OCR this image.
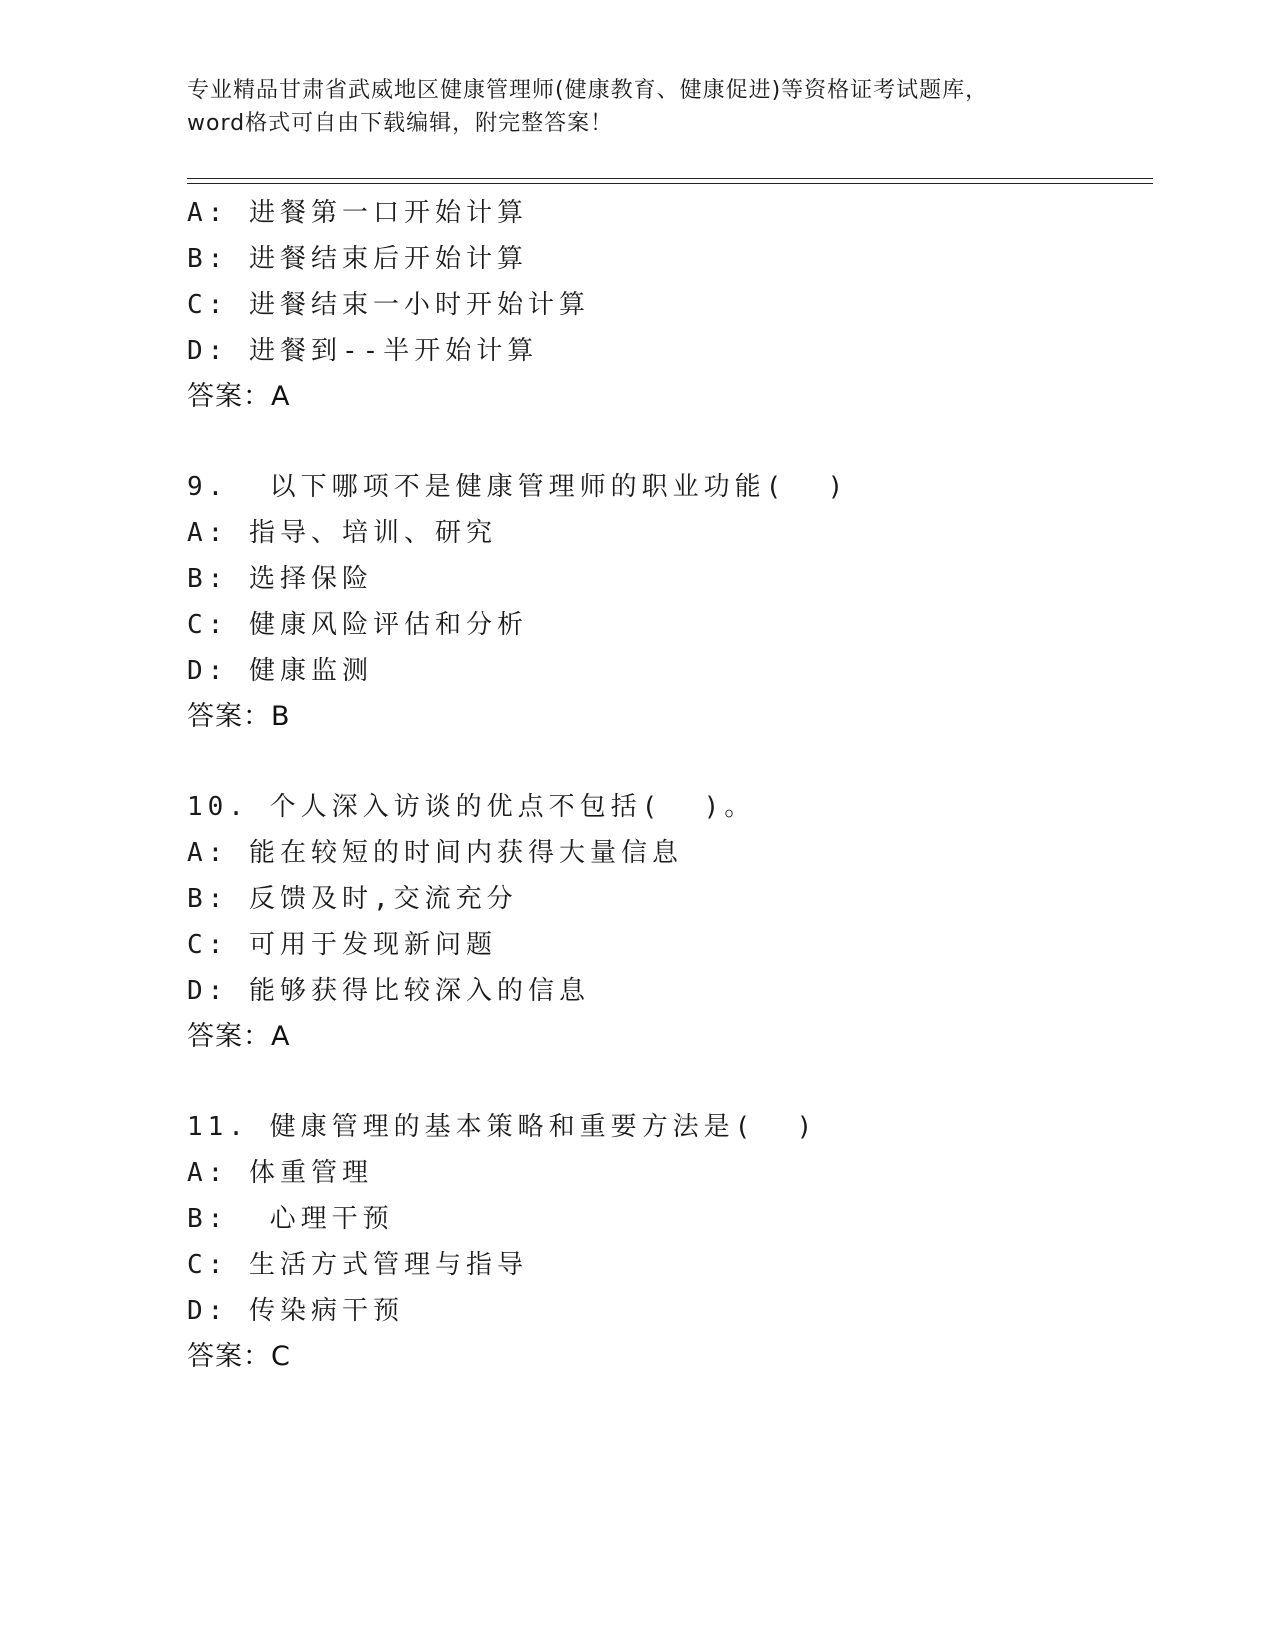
专业精品甘肃省武威地区健康管理师(健康教育、健康促进)等资格证考试题库，
word格式可自由下载编辑，附完整答案！
A: 进餐第一口开始计算
B: 进餐结束后开始计算
C: 进餐结束一小时开始计算
D: 进餐到--半开始计算
答案：A
9.  以下哪项不是健康管理师的职业功能(  )
A: 指导、培训、研究
B: 选择保险
C: 健康风险评估和分析
D: 健康监测
答案：B
10. 个人深入访谈的优点不包括(  )。
A: 能在较短的时间内获得大量信息
B: 反馈及时,交流充分
C: 可用于发现新问题
D: 能够获得比较深入的信息
答案：A
11. 健康管理的基本策略和重要方法是(  )
A: 体重管理
B:  心理干预
C: 生活方式管理与指导
D: 传染病干预
答案：C
